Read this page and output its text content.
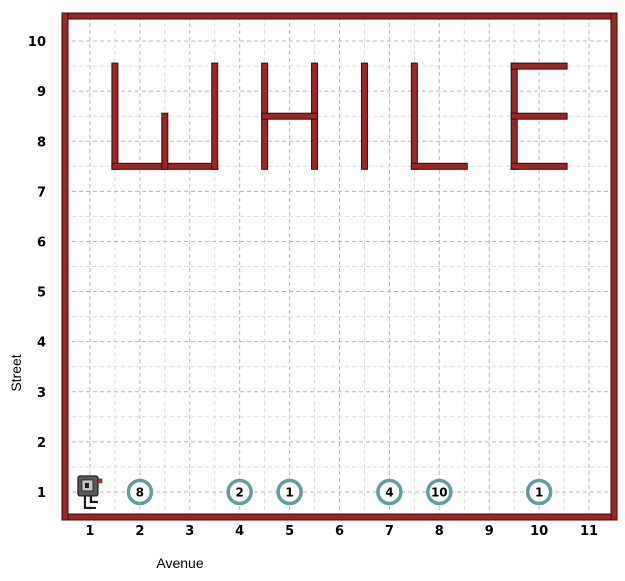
8	2	1	4	10	1
1	2	3	4	5	6	7	8	9	10 11
1
2
3
4
5
6
7
8
9
10
Avenue
Street
